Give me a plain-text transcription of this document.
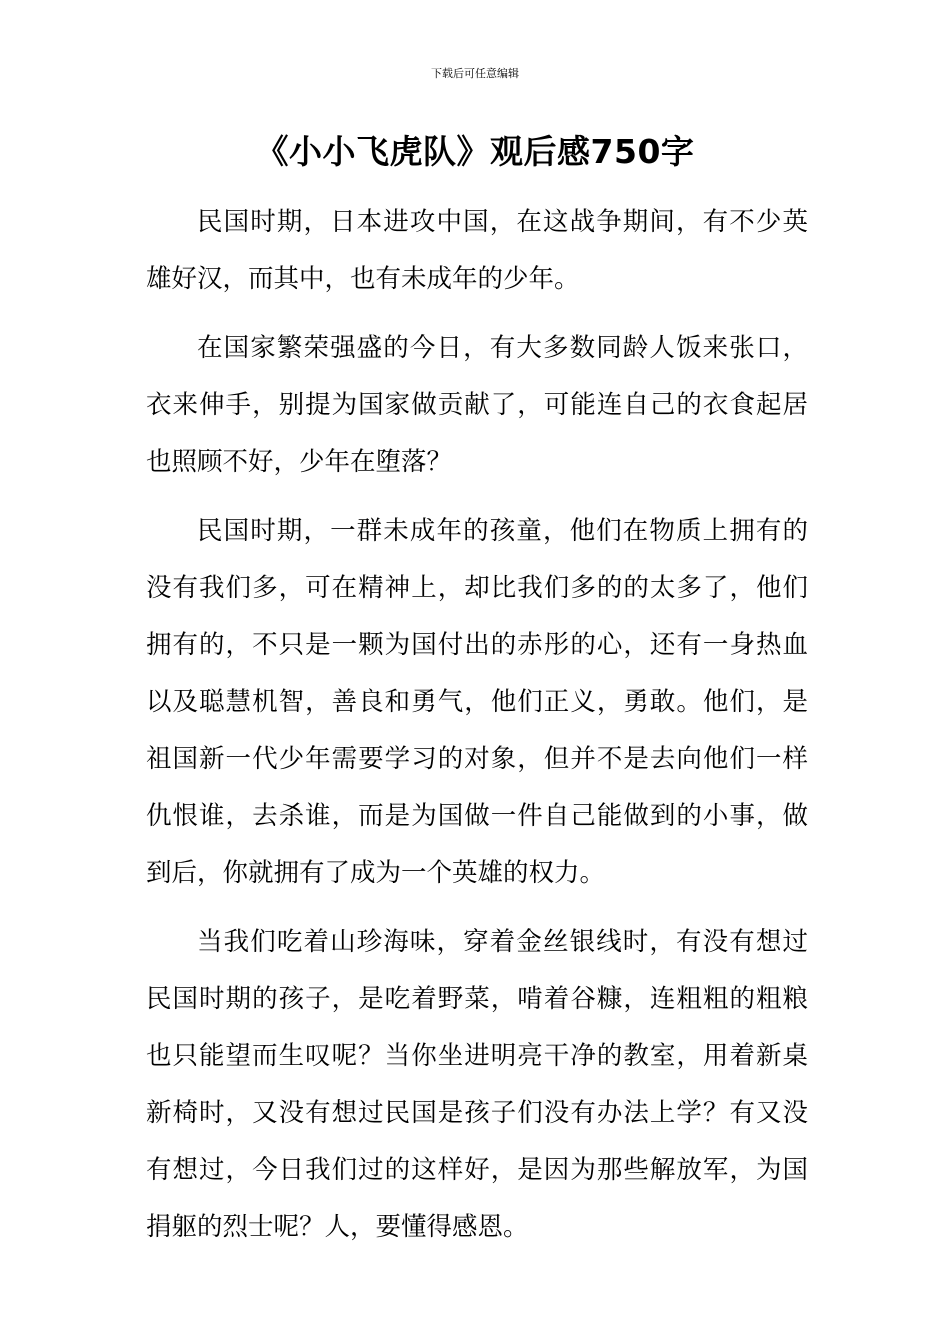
下载后可任意编辑
《小小飞虎队》观后感750字

民国时期，日本进攻中国，在这战争期间，有不少英雄好汉，而其中，也有未成年的少年。

在国家繁荣强盛的今日，有大多数同龄人饭来张口，衣来伸手，别提为国家做贡献了，可能连自己的衣食起居也照顾不好，少年在堕落？

民国时期，一群未成年的孩童，他们在物质上拥有的没有我们多，可在精神上，却比我们多的的太多了，他们拥有的，不只是一颗为国付出的赤彤的心，还有一身热血以及聪慧机智，善良和勇气，他们正义，勇敢。他们，是祖国新一代少年需要学习的对象，但并不是去向他们一样仇恨谁，去杀谁，而是为国做一件自己能做到的小事，做到后，你就拥有了成为一个英雄的权力。

当我们吃着山珍海味，穿着金丝银线时，有没有想过民国时期的孩子，是吃着野菜，啃着谷糠，连粗粗的粗粮也只能望而生叹呢？当你坐进明亮干净的教室，用着新桌新椅时，又没有想过民国是孩子们没有办法上学？有又没有想过，今日我们过的这样好，是因为那些解放军，为国捐躯的烈士呢？人，要懂得感恩。
